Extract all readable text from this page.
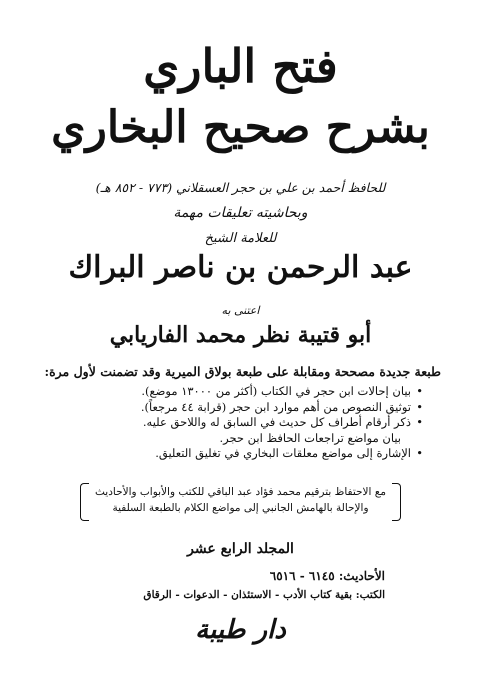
فتح الباري
بشرح صحيح البخاري
للحافظ أحمد بن علي بن حجر العسقلاني (٧٧٣ - ٨٥٢ هـ)
وبحاشيته تعليقات مهمة
للعلامة الشيخ
عبد الرحمن بن ناصر البراك
اعتنى به
أبو قتيبة نظر محمد الفاريابي
طبعة جديدة مصححة ومقابلة على طبعة بولاق الميرية وقد تضمنت لأول مرة:
• بيان إحالات ابن حجر في الكتاب (أكثر من ١٣٠٠٠ موضع).
• توثيق النصوص من أهم موارد ابن حجر (قرابة ٤٤ مرجعاً).
• ذكر أرقام أطراف كل حديث في السابق له واللاحق عليه.
بيان مواضع تراجعات الحافظ ابن حجر.
• الإشارة إلى مواضع معلقات البخاري في تغليق التعليق.
مع الاحتفاظ بترقيم محمد فؤاد عبد الباقي للكتب والأبواب والأحاديث
والإحالة بالهامش الجانبي إلى مواضع الكلام بالطبعة السلفية
المجلد الرابع عشر
الأحاديث: ٦١٤٥ - ٦٥١٦
الكتب: بقية كتاب الأدب - الاستئذان - الدعوات - الرقاق
دار طيبة
